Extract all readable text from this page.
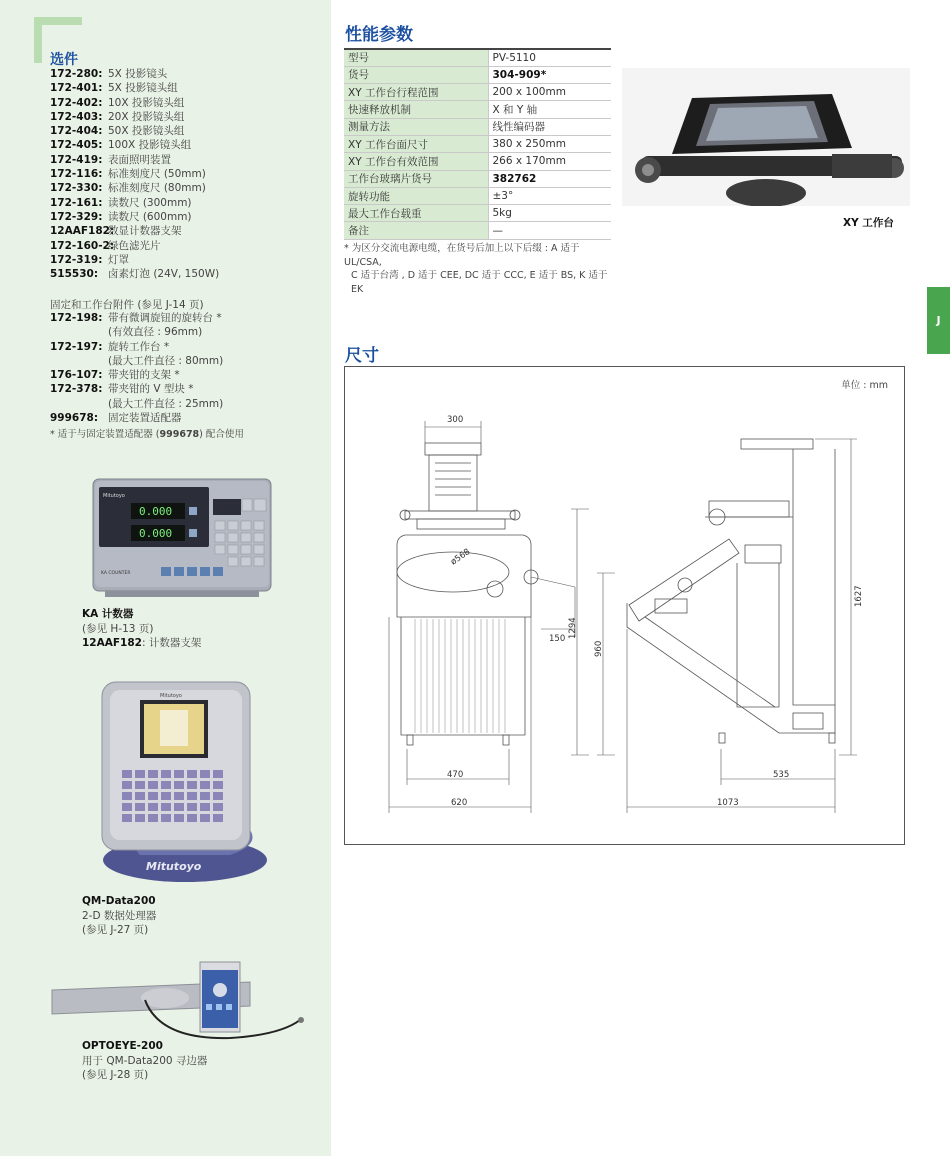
选件
172-280: 5X 投影镜头
172-401: 5X 投影镜头组
172-402: 10X 投影镜头组
172-403: 20X 投影镜头组
172-404: 50X 投影镜头组
172-405: 100X 投影镜头组
172-419: 表面照明装置
172-116: 标准刻度尺 (50mm)
172-330: 标准刻度尺 (80mm)
172-161: 读数尺 (300mm)
172-329: 读数尺 (600mm)
12AAF182:
数显计数器支架
172-160-2:
绿色滤光片
172-319: 灯罩
515530: 卤素灯泡 (24V, 150W)
固定和工作台附件 (参见 J-14 页)
172-198: 带有微调旋钮的旋转台 *
(有效直径 : 96mm)
172-197: 旋转工作台 *
(最大工件直径 : 80mm)
176-107: 带夹钳的支架 *
172-378: 带夹钳的 V 型块 *
(最大工件直径 : 25mm)
999678: 固定装置适配器
* 适于与固定装置适配器 (999678) 配合使用
Mitutoyo
0.000
0.000
KA COUNTER
KA 计数器
(参见 H-13 页)
12AAF182: 计数器支架
Mitutoyo
Mitutoyo
QM-Data200
2-D 数据处理器
(参见 J-27 页)
OPTOEYE-200
用于 QM-Data200 寻边器
(参见 J-28 页)
性能参数
型号	PV-5110
货号	304-909*
XY 工作台行程范围	200 x 100mm
快速释放机制	X 和 Y 轴
测量方法	线性编码器
XY 工作台面尺寸	380 x 250mm
XY 工作台有效范围	266 x 170mm
工作台玻璃片货号	382762
旋转功能	±3°
最大工作台载重	5kg
备注	—
* 为区分交流电源电缆，在货号后加上以下后缀 : A 适于 UL/CSA,
C 适于台湾 , D 适于 CEE, DC 适于 CCC, E 适于 BS, K 适于 EK
XY 工作台
J
尺寸
单位 : mm
300
ø568
150
470
620
1294
960
1627
535
1073
